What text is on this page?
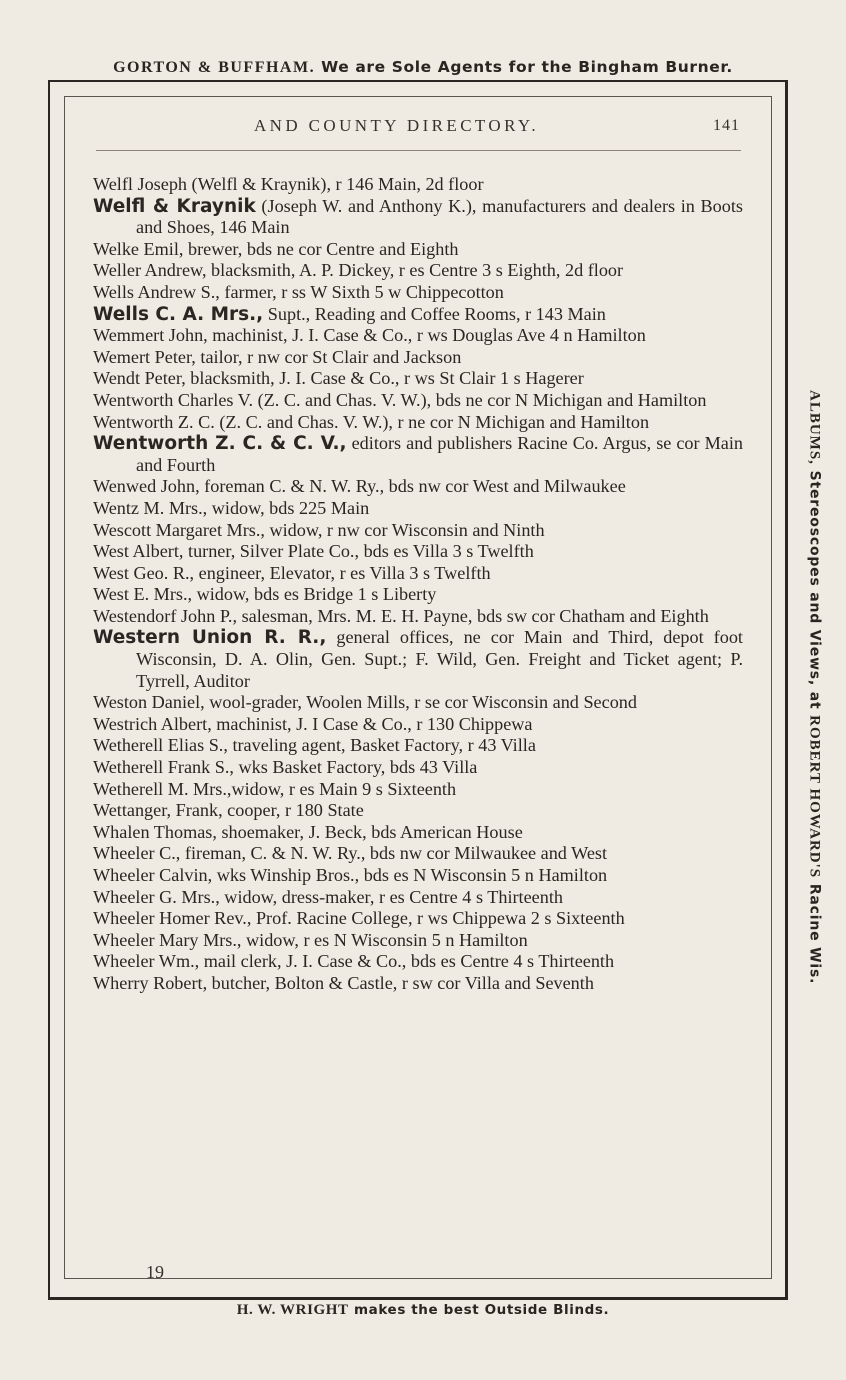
GORTON & BUFFHAM. We are Sole Agents for the Bingham Burner.
ALBUMS, Stereoscopes and Views, at ROBERT HOWARD'S Racine Wis.
AND COUNTY DIRECTORY.	141
Welfl Joseph (Welfl & Kraynik), r 146 Main, 2d floor
Welfl & Kraynik (Joseph W. and Anthony K.), manufacturers and dealers in Boots and Shoes, 146 Main
Welke Emil, brewer, bds ne cor Centre and Eighth
Weller Andrew, blacksmith, A. P. Dickey, r es Centre 3 s Eighth, 2d floor
Wells Andrew S., farmer, r ss W Sixth 5 w Chippecotton
Wells C. A. Mrs., Supt., Reading and Coffee Rooms, r 143 Main
Wemmert John, machinist, J. I. Case & Co., r ws Douglas Ave 4 n Hamilton
Wemert Peter, tailor, r nw cor St Clair and Jackson
Wendt Peter, blacksmith, J. I. Case & Co., r ws St Clair 1 s Hagerer
Wentworth Charles V. (Z. C. and Chas. V. W.), bds ne cor N Michigan and Hamilton
Wentworth Z. C. (Z. C. and Chas. V. W.), r ne cor N Michigan and Hamilton
Wentworth Z. C. & C. V., editors and publishers Racine Co. Argus, se cor Main and Fourth
Wenwed John, foreman C. & N. W. Ry., bds nw cor West and Milwaukee
Wentz M. Mrs., widow, bds 225 Main
Wescott Margaret Mrs., widow, r nw cor Wisconsin and Ninth
West Albert, turner, Silver Plate Co., bds es Villa 3 s Twelfth
West Geo. R., engineer, Elevator, r es Villa 3 s Twelfth
West E. Mrs., widow, bds es Bridge 1 s Liberty
Westendorf John P., salesman, Mrs. M. E. H. Payne, bds sw cor Chatham and Eighth
Western Union R. R., general offices, ne cor Main and Third, depot foot Wisconsin, D. A. Olin, Gen. Supt.; F. Wild, Gen. Freight and Ticket agent; P. Tyrrell, Auditor
Weston Daniel, wool-grader, Woolen Mills, r se cor Wisconsin and Second
Westrich Albert, machinist, J. I Case & Co., r 130 Chippewa
Wetherell Elias S., traveling agent, Basket Factory, r 43 Villa
Wetherell Frank S., wks Basket Factory, bds 43 Villa
Wetherell M. Mrs.,widow, r es Main 9 s Sixteenth
Wettanger, Frank, cooper, r 180 State
Whalen Thomas, shoemaker, J. Beck, bds American House
Wheeler C., fireman, C. & N. W. Ry., bds nw cor Milwaukee and West
Wheeler Calvin, wks Winship Bros., bds es N Wisconsin 5 n Hamilton
Wheeler G. Mrs., widow, dress-maker, r es Centre 4 s Thirteenth
Wheeler Homer Rev., Prof. Racine College, r ws Chippewa 2 s Sixteenth
Wheeler Mary Mrs., widow, r es N Wisconsin 5 n Hamilton
Wheeler Wm., mail clerk, J. I. Case & Co., bds es Centre 4 s Thirteenth
Wherry Robert, butcher, Bolton & Castle, r sw cor Villa and Seventh
19
H. W. WRIGHT makes the best Outside Blinds.
